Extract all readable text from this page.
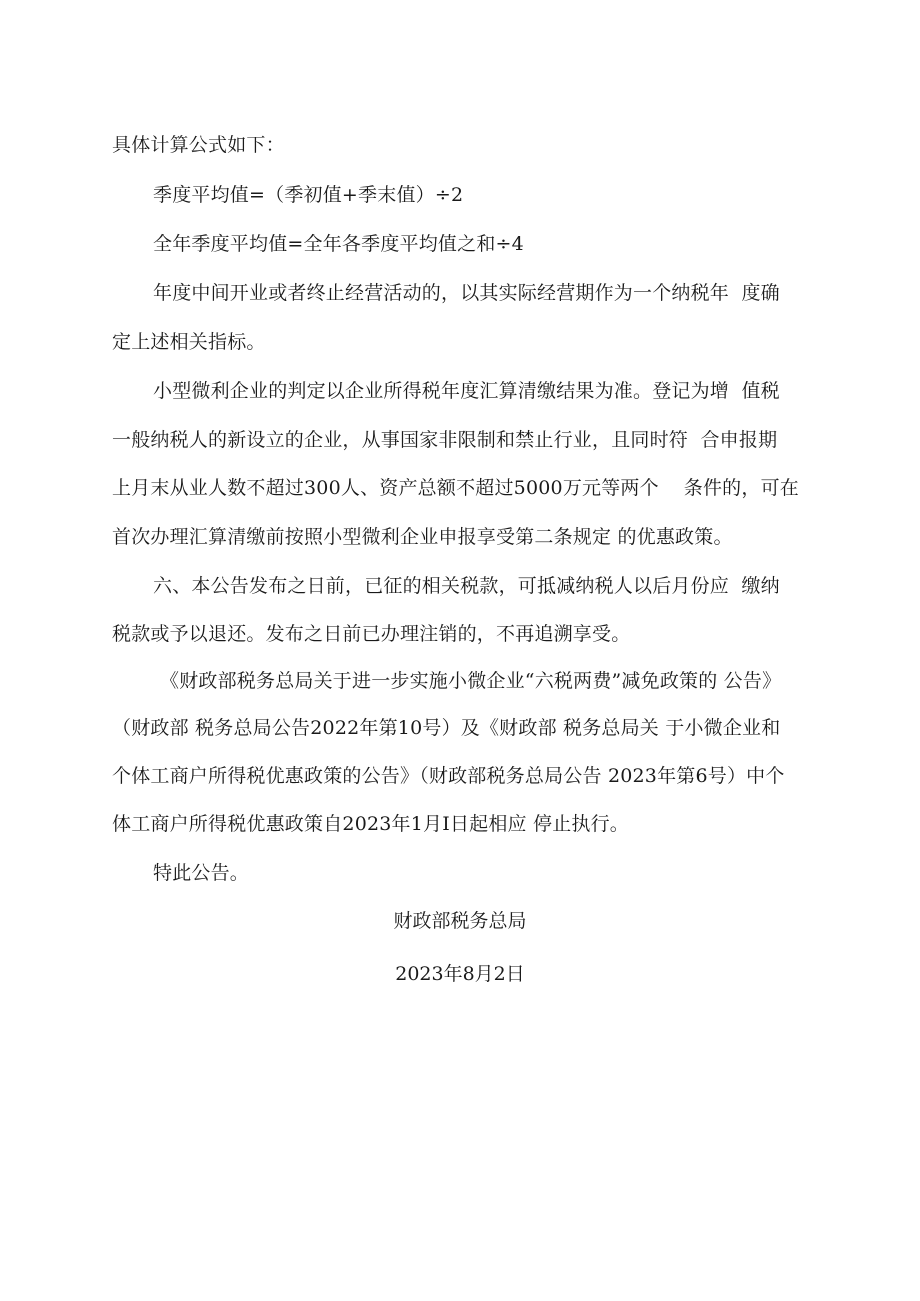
具体计算公式如下：
季度平均值=（季初值+季末值）÷2
全年季度平均值=全年各季度平均值之和÷4
年度中间开业或者终止经营活动的，以其实际经营期作为一个纳税年  度确
定上述相关指标。
小型微利企业的判定以企业所得税年度汇算清缴结果为准。登记为增  值税
一般纳税人的新设立的企业，从事国家非限制和禁止行业，且同时符  合申报期
上月末从业人数不超过300人、资产总额不超过5000万元等两个    条件的，可在
首次办理汇算清缴前按照小型微利企业申报享受第二条规定 的优惠政策。
六、本公告发布之日前，已征的相关税款，可抵减纳税人以后月份应  缴纳
税款或予以退还。发布之日前已办理注销的，不再追溯享受。
《财政部税务总局关于进一步实施小微企业“六税两费”减免政策的 公告》
（财政部 税务总局公告2022年第10号）及《财政部 税务总局关 于小微企业和
个体工商户所得税优惠政策的公告》（财政部税务总局公告 2023年第6号）中个
体工商户所得税优惠政策自2023年1月I日起相应 停止执行。
特此公告。
财政部税务总局
2023年8月2日
